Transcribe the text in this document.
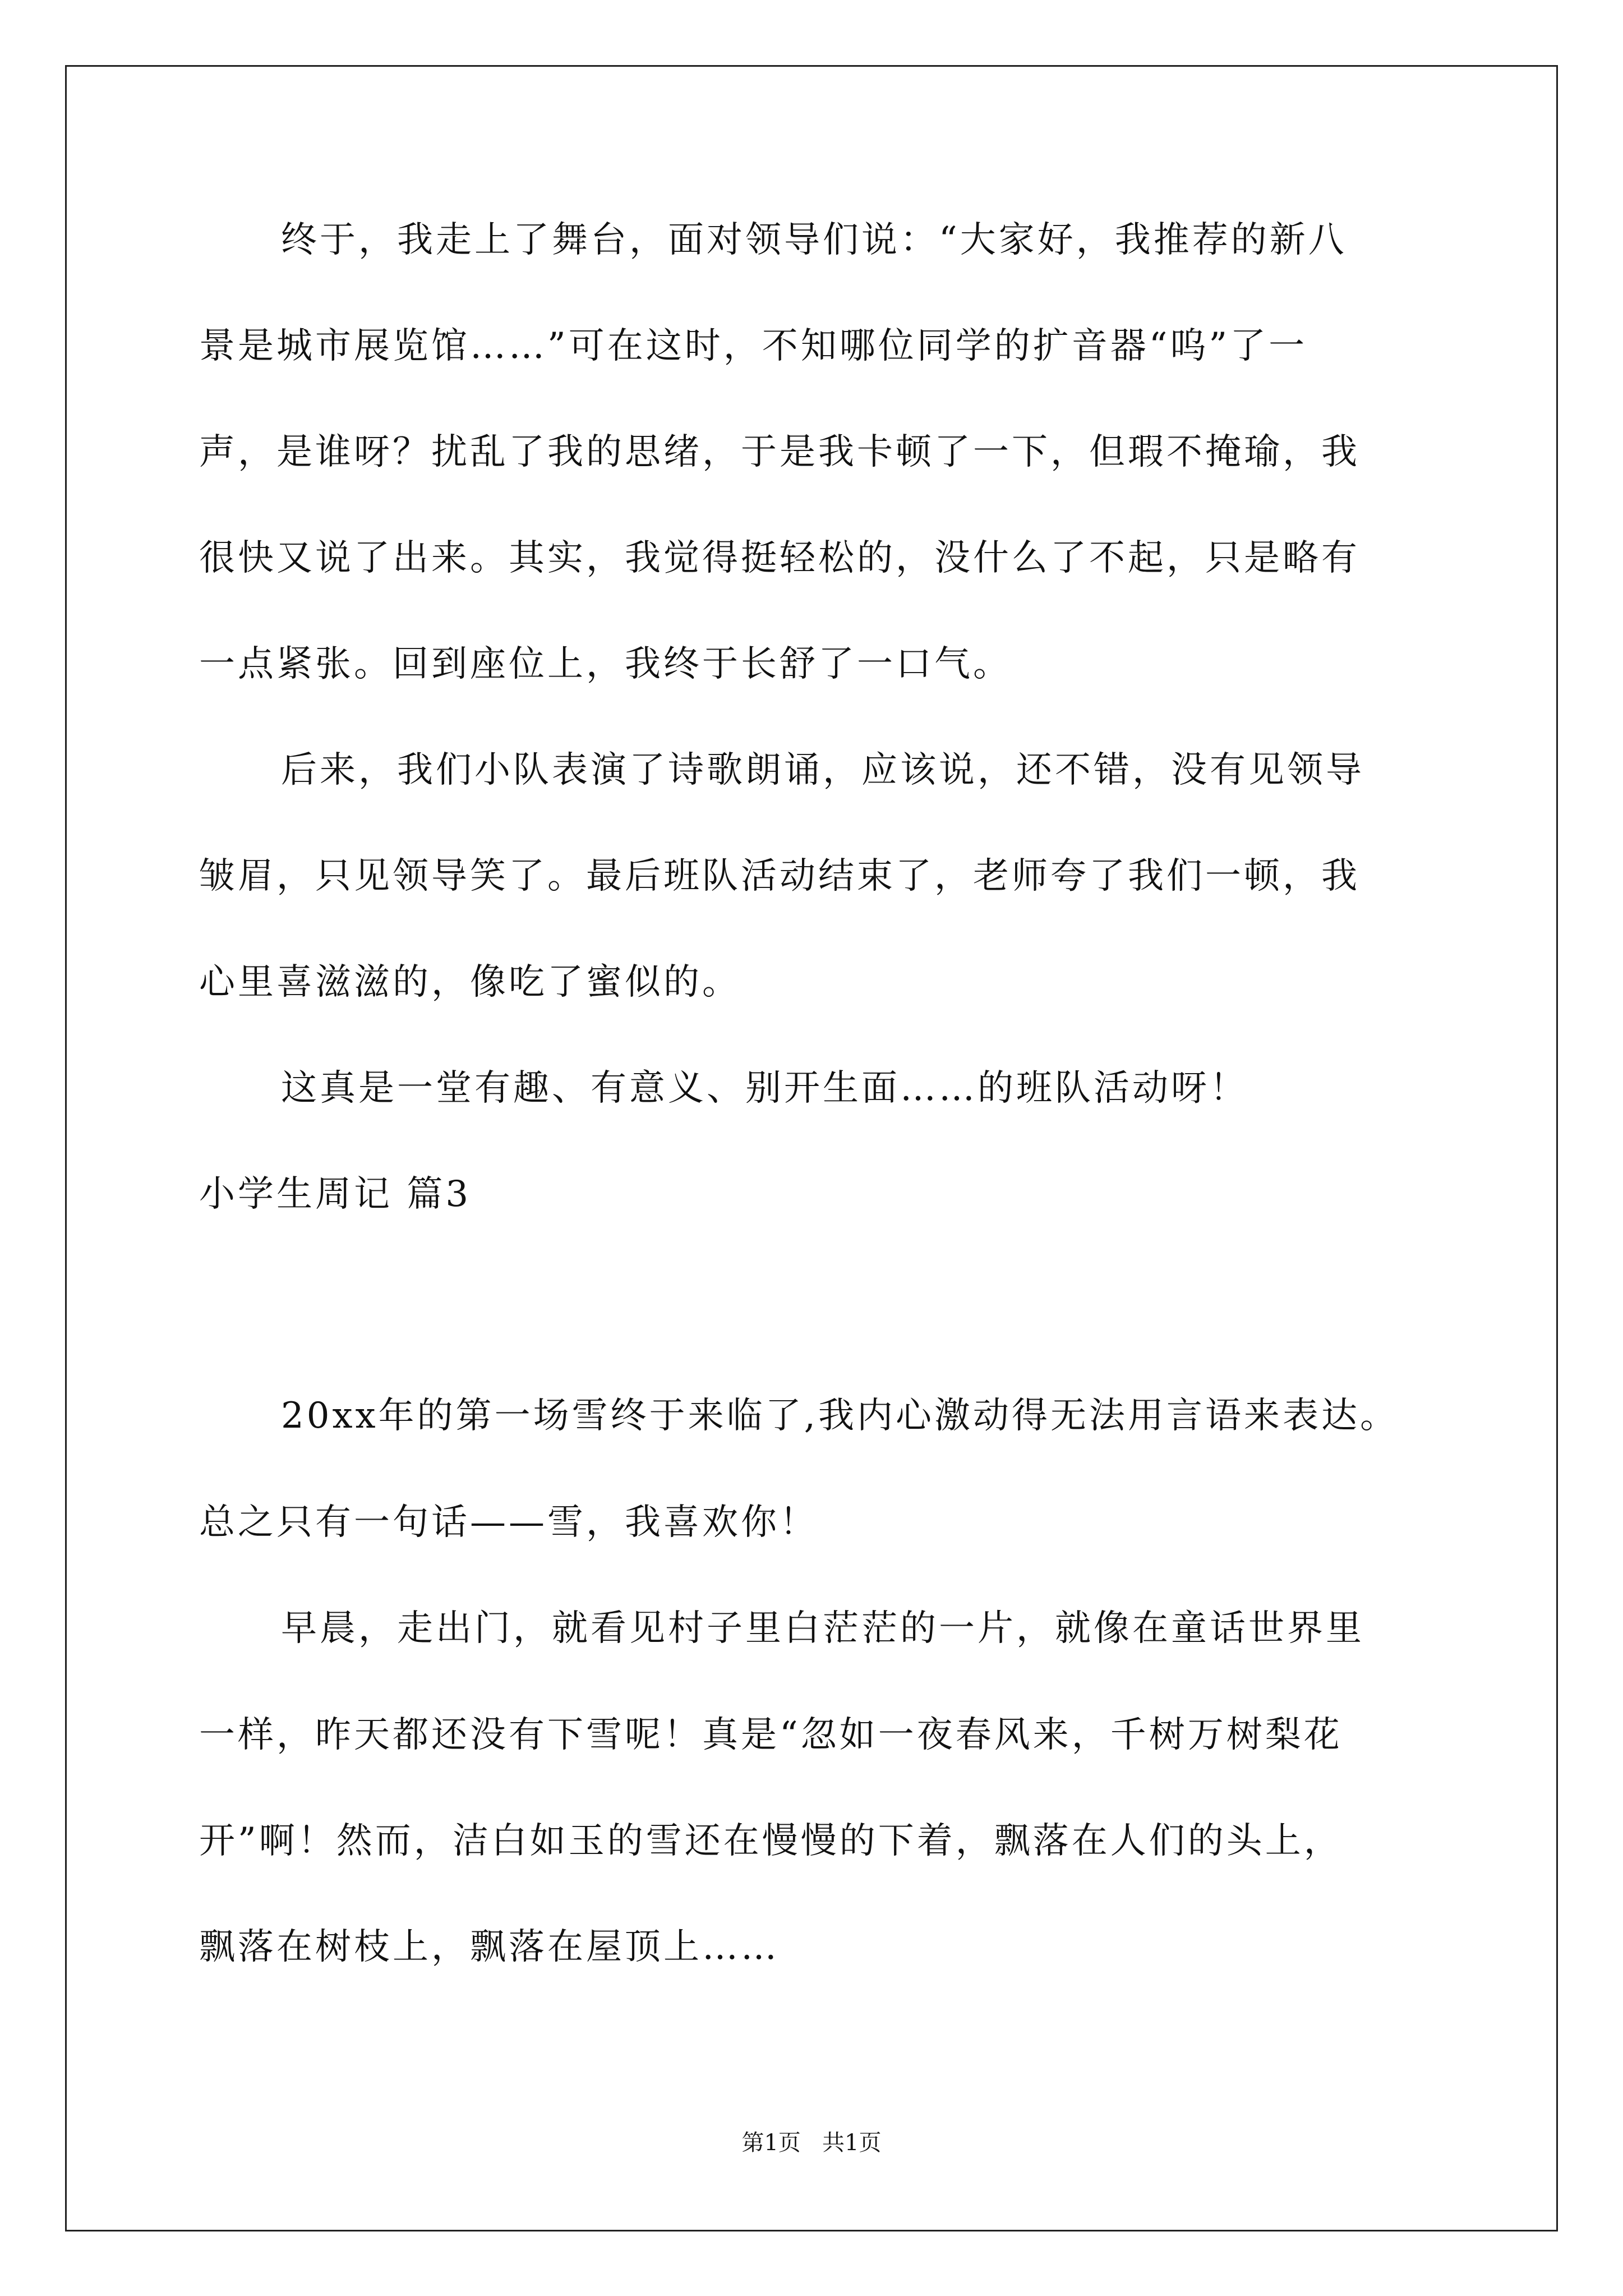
终于，我走上了舞台，面对领导们说：“大家好，我推荐的新八
景是城市展览馆……”可在这时，不知哪位同学的扩音器“呜”了一
声，是谁呀？扰乱了我的思绪，于是我卡顿了一下，但瑕不掩瑜，我
很快又说了出来。其实，我觉得挺轻松的，没什么了不起，只是略有
一点紧张。回到座位上，我终于长舒了一口气。
后来，我们小队表演了诗歌朗诵，应该说，还不错，没有见领导
皱眉，只见领导笑了。最后班队活动结束了，老师夸了我们一顿，我
心里喜滋滋的，像吃了蜜似的。
这真是一堂有趣、有意义、别开生面……的班队活动呀！
小学生周记 篇3
20xx年的第一场雪终于来临了,我内心激动得无法用言语来表达。
总之只有一句话——雪，我喜欢你！
早晨，走出门，就看见村子里白茫茫的一片，就像在童话世界里
一样，昨天都还没有下雪呢！真是“忽如一夜春风来，千树万树梨花
开”啊！然而，洁白如玉的雪还在慢慢的下着，飘落在人们的头上，
飘落在树枝上，飘落在屋顶上……
第1页   共1页
